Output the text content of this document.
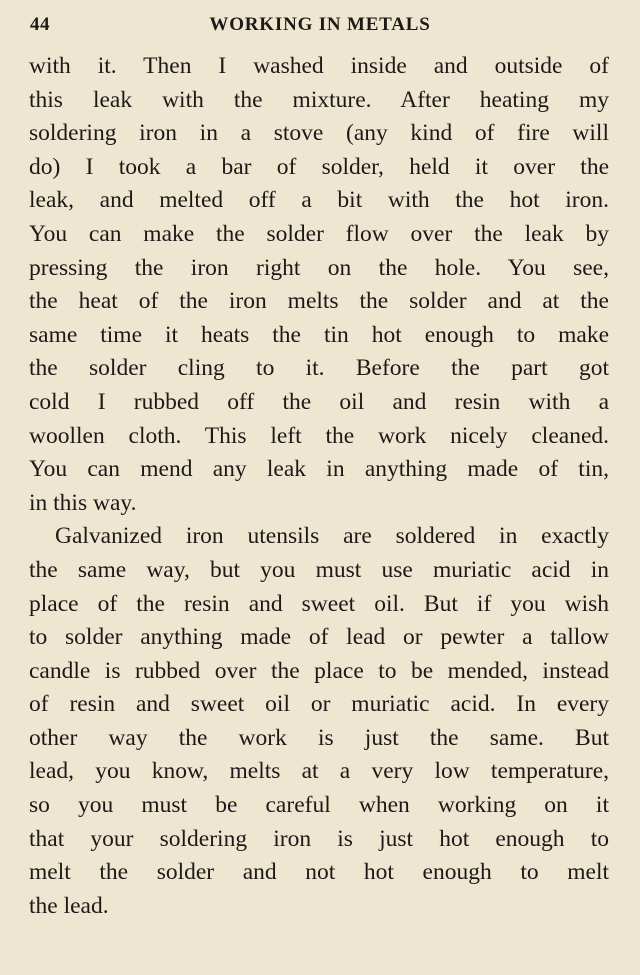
44	WORKING IN METALS
with it. Then I washed inside and outside of
this leak with the mixture. After heating my
soldering iron in a stove (any kind of fire will
do) I took a bar of solder, held it over the
leak, and melted off a bit with the hot iron.
You can make the solder flow over the leak by
pressing the iron right on the hole. You see,
the heat of the iron melts the solder and at the
same time it heats the tin hot enough to make
the solder cling to it. Before the part got
cold I rubbed off the oil and resin with a
woollen cloth. This left the work nicely cleaned.
You can mend any leak in anything made of tin,
in this way.
Galvanized iron utensils are soldered in exactly
the same way, but you must use muriatic acid in
place of the resin and sweet oil. But if you wish
to solder anything made of lead or pewter a tallow
candle is rubbed over the place to be mended, instead
of resin and sweet oil or muriatic acid. In every
other way the work is just the same. But
lead, you know, melts at a very low temperature,
so you must be careful when working on it
that your soldering iron is just hot enough to
melt the solder and not hot enough to melt
the lead.
